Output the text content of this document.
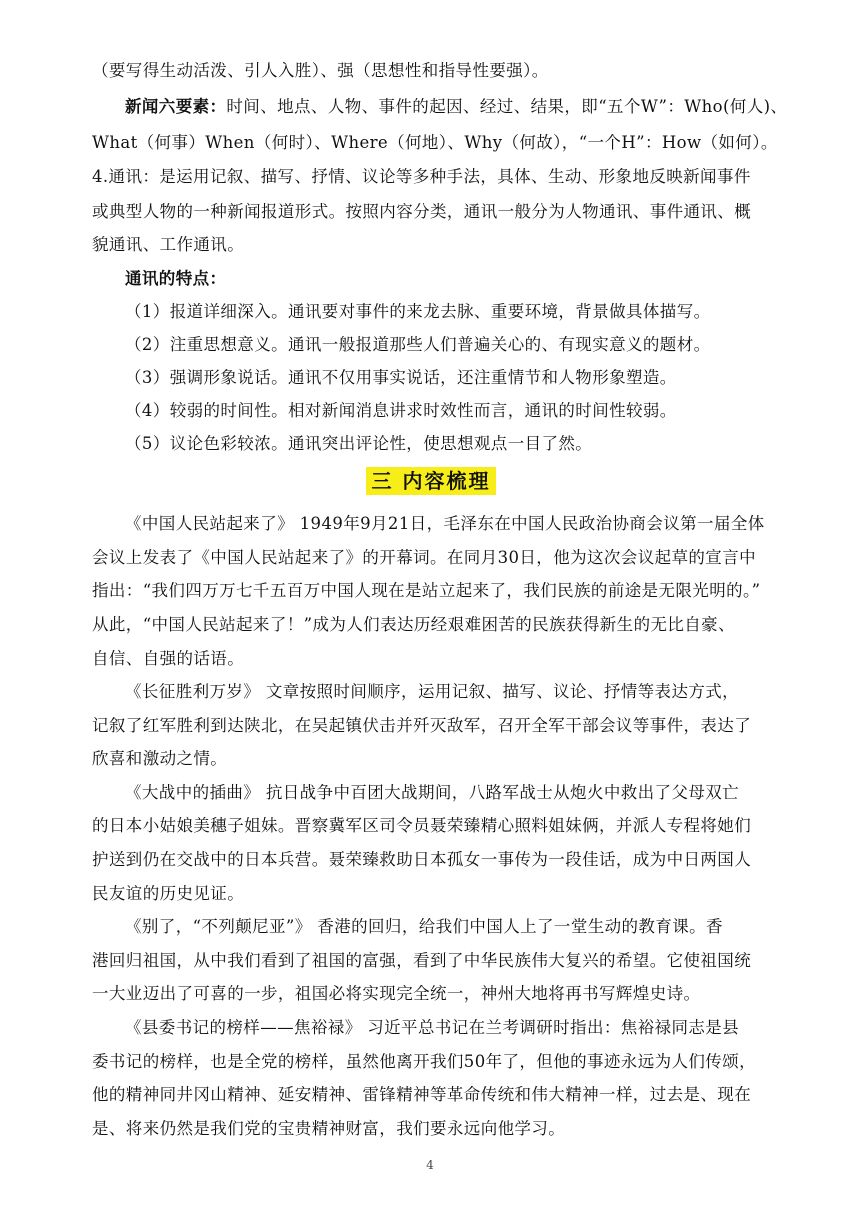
（要写得生动活泼、引人入胜）、强（思想性和指导性要强）。
新闻六要素：时间、地点、人物、事件的起因、经过、结果，即“五个W”：Who(何人)、
What（何事）When（何时）、Where（何地）、Why（何故），“一个H”：How（如何）。
4.通讯：是运用记叙、描写、抒情、议论等多种手法，具体、生动、形象地反映新闻事件
或典型人物的一种新闻报道形式。按照内容分类，通讯一般分为人物通讯、事件通讯、概
貌通讯、工作通讯。
通讯的特点：
（1）报道详细深入。通讯要对事件的来龙去脉、重要环境，背景做具体描写。
（2）注重思想意义。通讯一般报道那些人们普遍关心的、有现实意义的题材。
（3）强调形象说话。通讯不仅用事实说话，还注重情节和人物形象塑造。
（4）较弱的时间性。相对新闻消息讲求时效性而言，通讯的时间性较弱。
（5）议论色彩较浓。通讯突出评论性，使思想观点一目了然。
三 内容梳理
《中国人民站起来了》 1949年9月21日，毛泽东在中国人民政治协商会议第一届全体
会议上发表了《中国人民站起来了》的开幕词。在同月30日，他为这次会议起草的宣言中
指出：“我们四万万七千五百万中国人现在是站立起来了，我们民族的前途是无限光明的。”
从此，“中国人民站起来了！”成为人们表达历经艰难困苦的民族获得新生的无比自豪、
自信、自强的话语。
《长征胜利万岁》 文章按照时间顺序，运用记叙、描写、议论、抒情等表达方式，
记叙了红军胜利到达陕北，在吴起镇伏击并歼灭敌军，召开全军干部会议等事件，表达了
欣喜和激动之情。
《大战中的插曲》 抗日战争中百团大战期间，八路军战士从炮火中救出了父母双亡
的日本小姑娘美穗子姐妹。晋察冀军区司令员聂荣臻精心照料姐妹俩，并派人专程将她们
护送到仍在交战中的日本兵营。聂荣臻救助日本孤女一事传为一段佳话，成为中日两国人
民友谊的历史见证。
《别了，“不列颠尼亚”》 香港的回归，给我们中国人上了一堂生动的教育课。香
港回归祖国，从中我们看到了祖国的富强，看到了中华民族伟大复兴的希望。它使祖国统
一大业迈出了可喜的一步，祖国必将实现完全统一，神州大地将再书写辉煌史诗。
《县委书记的榜样——焦裕禄》 习近平总书记在兰考调研时指出：焦裕禄同志是县
委书记的榜样，也是全党的榜样，虽然他离开我们50年了，但他的事迹永远为人们传颂，
他的精神同井冈山精神、延安精神、雷锋精神等革命传统和伟大精神一样，过去是、现在
是、将来仍然是我们党的宝贵精神财富，我们要永远向他学习。
4
